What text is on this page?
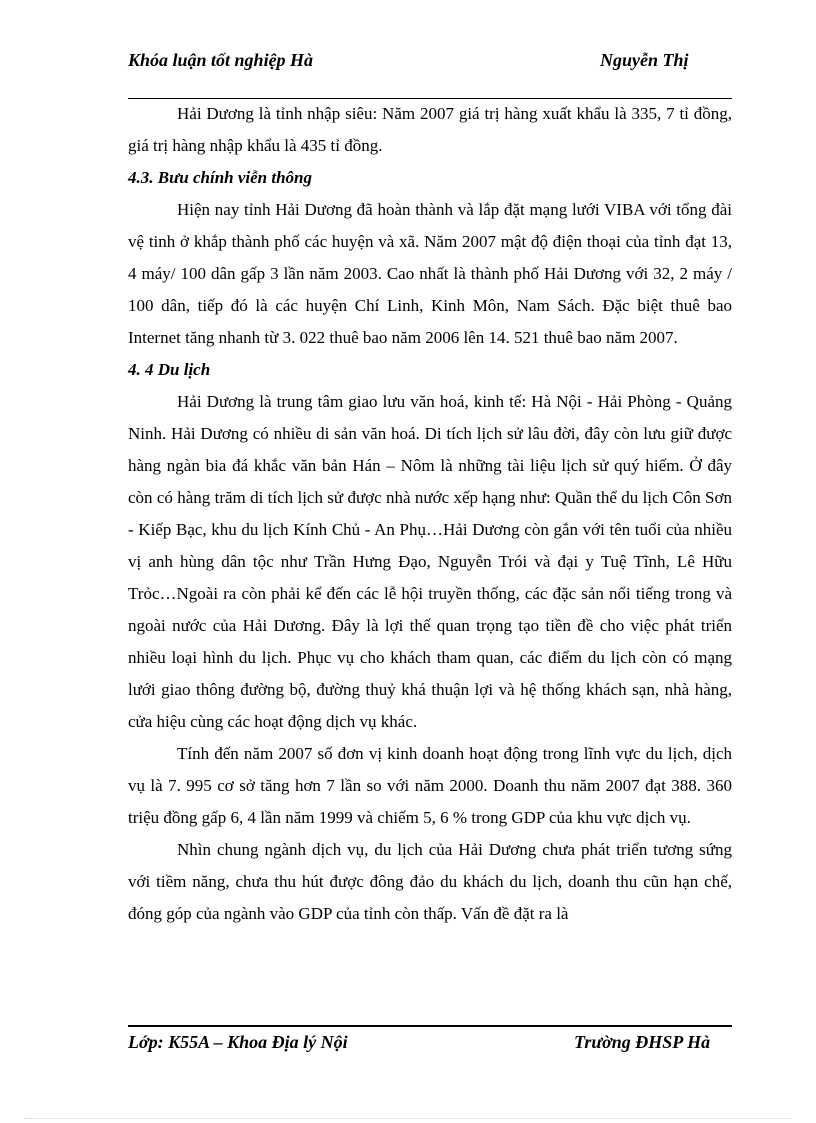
Khóa luận tốt nghiệp Hà	Nguyễn Thị

Hải Dương là tỉnh nhập siêu: Năm 2007 giá trị hàng xuất khẩu là 335, 7 tỉ đồng, giá trị hàng nhập khẩu là 435 tỉ đồng.

4.3. Bưu chính viễn thông

Hiện nay tỉnh Hải Dương đã hoàn thành và lắp đặt mạng lưới VIBA với tổng đài vệ tinh ở khắp thành phố các huyện và xã. Năm 2007 mật độ điện thoại của tỉnh đạt 13, 4 máy/ 100 dân gấp 3 lần năm 2003. Cao nhất là thành phố Hải Dương với 32, 2 máy / 100 dân, tiếp đó là các huyện Chí Linh, Kinh Môn, Nam Sách. Đặc biệt thuê bao Internet tăng nhanh từ 3. 022 thuê bao năm 2006 lên 14. 521 thuê bao năm 2007.

4. 4 Du lịch

Hải Dương là trung tâm giao lưu văn hoá, kinh tế: Hà Nội - Hải Phòng - Quảng Ninh. Hải Dương có nhiều di sản văn hoá. Di tích lịch sử lâu đời, đây còn lưu giữ được hàng ngàn bia đá khắc văn bản Hán – Nôm là những tài liệu lịch sử quý hiếm. Ở đây còn có hàng trăm di tích lịch sử được nhà nước xếp hạng như: Quần thể du lịch Côn Sơn - Kiếp Bạc, khu du lịch Kính Chủ - An Phụ…Hải Dương còn gắn với tên tuổi của nhiều vị anh hùng dân tộc như Trần Hưng Đạo, Nguyễn Trói và đại y Tuệ Tĩnh, Lê Hữu Trỏc…Ngoài ra còn phải kể đến các lễ hội truyền thống, các đặc sản nổi tiếng trong và ngoài nước của Hải Dương. Đây là lợi thế quan trọng tạo tiền đề cho việc phát triển nhiều loại hình du lịch. Phục vụ cho khách tham quan, các điểm du lịch còn có mạng lưới giao thông đường bộ, đường thuỷ khá thuận lợi và hệ thống khách sạn, nhà hàng, cửa hiệu cùng các hoạt động dịch vụ khác.

Tính đến năm 2007 số đơn vị kinh doanh hoạt động trong lĩnh vực du lịch, dịch vụ là 7. 995 cơ sở tăng hơn 7 lần so với năm 2000. Doanh thu năm 2007 đạt 388. 360 triệu đồng gấp 6, 4 lần năm 1999 và chiếm 5, 6 % trong GDP của khu vực dịch vụ.

Nhìn chung ngành dịch vụ, du lịch của Hải Dương chưa phát triển tương sứng với tiềm năng, chưa thu hút được đông đảo du khách du lịch, doanh thu cũn hạn chế, đóng góp của ngành vào GDP của tỉnh còn thấp. Vấn đề đặt ra là

Lớp: K55A – Khoa Địa lý Nội	Trường ĐHSP Hà
